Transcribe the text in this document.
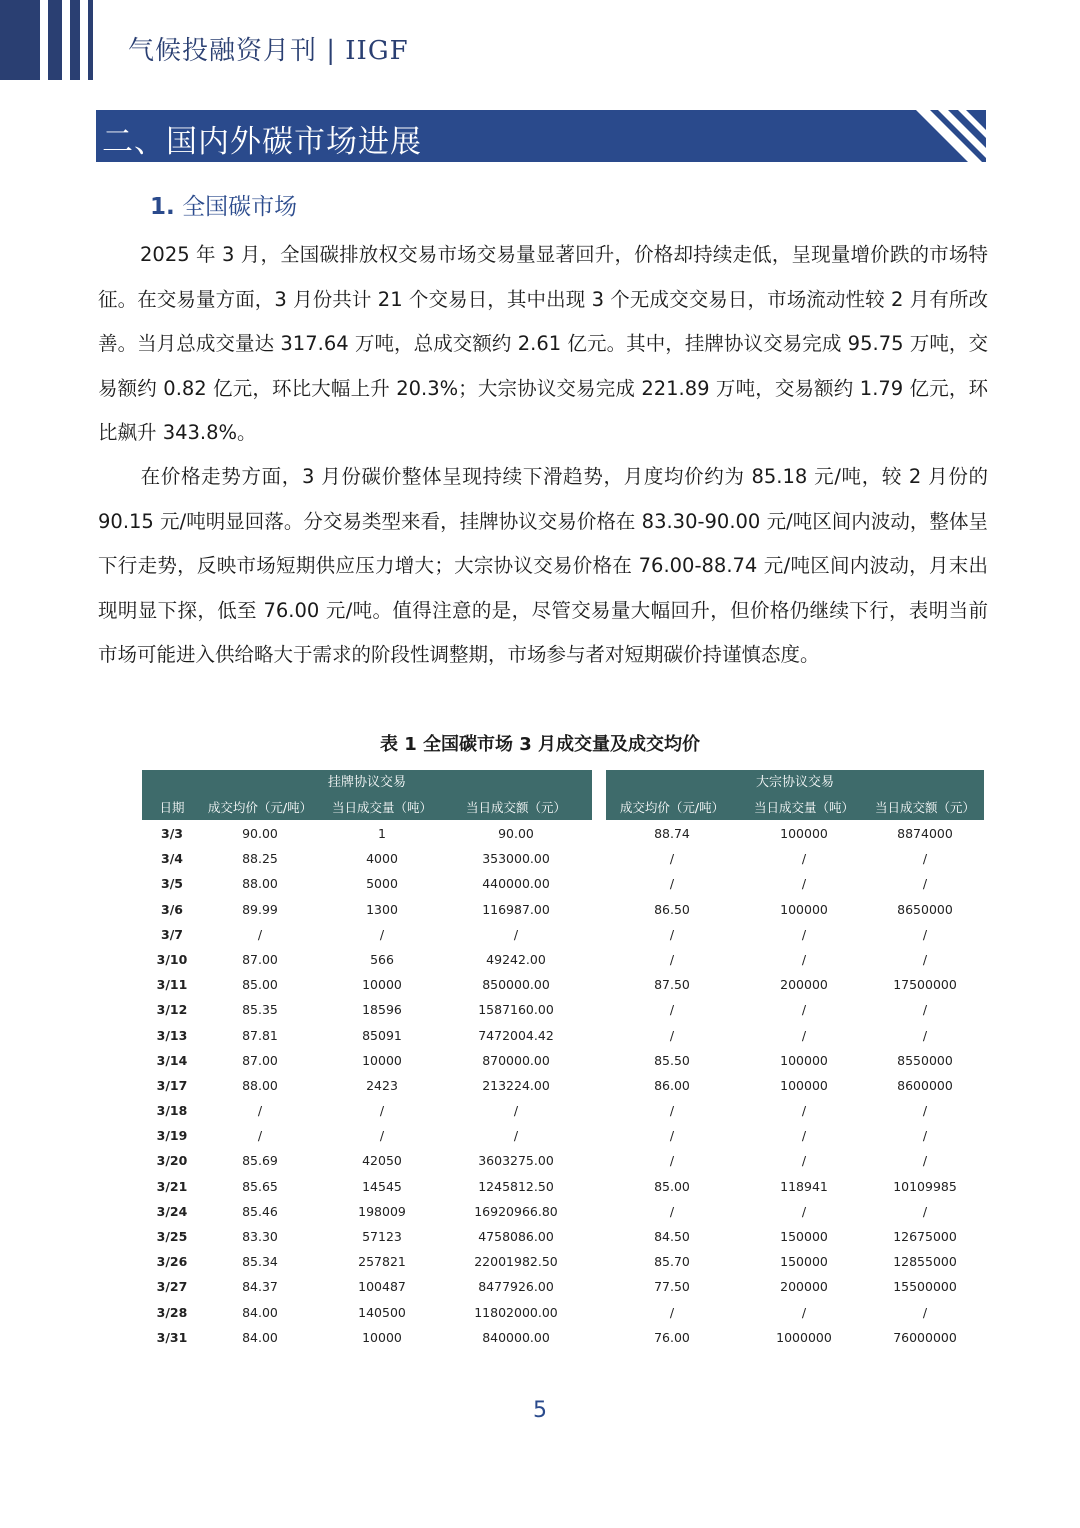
气候投融资月刊 | IIGF
二、国内外碳市场进展
1. 全国碳市场
2025 年 3 月，全国碳排放权交易市场交易量显著回升，价格却持续走低，呈现量增价跌的市场特征。在交易量方面，3 月份共计 21 个交易日，其中出现 3 个无成交交易日，市场流动性较 2 月有所改善。当月总成交量达 317.64 万吨，总成交额约 2.61 亿元。其中，挂牌协议交易完成 95.75 万吨，交易额约 0.82 亿元，环比大幅上升 20.3%；大宗协议交易完成 221.89 万吨，交易额约 1.79 亿元，环比飙升 343.8%。
在价格走势方面，3 月份碳价整体呈现持续下滑趋势，月度均价约为 85.18 元/吨，较 2 月份的 90.15 元/吨明显回落。分交易类型来看，挂牌协议交易价格在 83.30-90.00 元/吨区间内波动，整体呈下行走势，反映市场短期供应压力增大；大宗协议交易价格在 76.00-88.74 元/吨区间内波动，月末出现明显下探，低至 76.00 元/吨。值得注意的是，尽管交易量大幅回升，但价格仍继续下行，表明当前市场可能进入供给略大于需求的阶段性调整期，市场参与者对短期碳价持谨慎态度。
表 1 全国碳市场 3 月成交量及成交均价
挂牌协议交易	大宗协议交易
日期	成交均价（元/吨）	当日成交量（吨）	当日成交额（元）	成交均价（元/吨）	当日成交量（吨）	当日成交额（元）
3/3	90.00	1	90.00	88.74	100000	8874000
3/4	88.25	4000	353000.00	/	/	/
3/5	88.00	5000	440000.00	/	/	/
3/6	89.99	1300	116987.00	86.50	100000	8650000
3/7	/	/	/	/	/	/
3/10	87.00	566	49242.00	/	/	/
3/11	85.00	10000	850000.00	87.50	200000	17500000
3/12	85.35	18596	1587160.00	/	/	/
3/13	87.81	85091	7472004.42	/	/	/
3/14	87.00	10000	870000.00	85.50	100000	8550000
3/17	88.00	2423	213224.00	86.00	100000	8600000
3/18	/	/	/	/	/	/
3/19	/	/	/	/	/	/
3/20	85.69	42050	3603275.00	/	/	/
3/21	85.65	14545	1245812.50	85.00	118941	10109985
3/24	85.46	198009	16920966.80	/	/	/
3/25	83.30	57123	4758086.00	84.50	150000	12675000
3/26	85.34	257821	22001982.50	85.70	150000	12855000
3/27	84.37	100487	8477926.00	77.50	200000	15500000
3/28	84.00	140500	11802000.00	/	/	/
3/31	84.00	10000	840000.00	76.00	1000000	76000000
5
